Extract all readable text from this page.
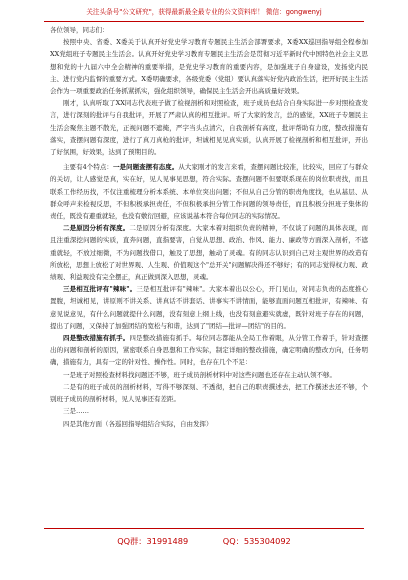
关注头条号"公文研究"，获得最新最全最专业的公文资料库！ 微信：gongwenyj

各位领导，同志们：

按照中央、省委、X委关于认真开好党史学习教育专题民主生活会部署要求，X委XX巡回指导组全程参加XX党组班子专题民主生活会。认真开好党史学习教育专题民主生活会是贯彻习近平新时代中国特色社会主义思想和党的十九届六中全会精神的重要举措，是党史学习教育的重要内容，是加强班子自身建设，发扬党内民主、进行党内监督的重要方式。X委明确要求，各级党委（党组）要认真落实好党内政治生活，把开好民主生活会作为一项重要政治任务抓紧抓实，强化组织领导，确保民主生活会开出高质量好效果。

刚才，认真听取了XX同志代表班子做了检视剖析和对照检查，班子成员也结合自身实际进一步对照检查发言，进行深刻的批评与自我批评，开展了严肃认真的相互批评。听了大家的发言，总的感觉，XX班子专题民主生活会聚焦主题不散光，正视问题不遮掩，严字当头点清穴，自我剖析有高度，批评帮助有力度，整改措施有落实，查摆问题有深度，进行了真刀真枪的批评，坦诚相见见真实质，认真开展了检视剖析和相互批评，开出了好氛围，好效果，达到了预期目的。

主要有4个特点：一是问题查摆有态度。从大家刚才的发言来看，查摆问题比较准，比较实，回应了与群众的关切，让人感觉是真，实在好，见人见事见思想，符合实际。查摆问题不但要联系现在的岗位职责找，而且联系工作经历找，不仅注重梳理分析本系统、本单位突出问题；不但从自己分管的职责角度找，也从基层、从群众呼声来检视反思，不但积极承担责任，不但积极承担分管工作问题的领导责任，而且积极分担班子集体的责任，既没有避重就轻，也没有敷衍回避，应该说基本符合每位同志的实际情况。

二是原因分析有深度。二是原因分析有深度。大家本着对组织负责的精神，不仅谈了问题的具体表现，而且注重深挖问题的实质，直奔问题，直指要害，自觉从思想、政治、作风、能力、廉政等方面深入剖析，不遮重就轻，不放过细微，不为问题找借口，触及了思想，触动了灵魂。有的同志认识到自己对主观世界的改造有所放松，思想上放松了对世界观、人生观、价值观这个"总开关"问题解决得还不够好；有的同志觉得权力观、政绩观、利益观没有完全摆正，真正做到深入思想，灵魂。

三是相互批评有"辣味"。三是相互批评有"辣味"。大家本着出以公心，开门见山，对同志负责的态度推心置腹，坦诚相见，讲原则不讲关系、讲真话不讲套话、讲事实不讲情面，能够直面问题互相批评，有辣味、有意见说意见，有什么问题就提什么问题，没有刻意上纲上线，也没有刻意避实就虚，既针对班子存在的问题，提出了问题，又保持了加强团结的宽松与和谐，达到了"团结—批评—团结"的目的。

四是整改措施有抓手。四是整改措施有抓手。每位同志都能从全局工作着眼，从分管工作着手，针对查摆出的问题和剖析的原因，紧密联系自身思想和工作实际，制定详细的整改措施，确定明确的整改方向，任务明确，措施有力，具有一定的针对性、操作性。同时，也存在几个不足：

一是班子对照检查材料找问题还不够，班子成员剖析材料中对这些问题也还存在主动认领不够。

二是有的班子成员的剖析材料，写得不够深刻、不透彻，把自己的职责撰述去，把工作撰述去还不够，个别班子成员的剖析材料，见人见事还有差距。

三是……

四是其他方面（各巡回指导组结合实际，自由发挥）

QQ群：31991489	QQ：535304092
